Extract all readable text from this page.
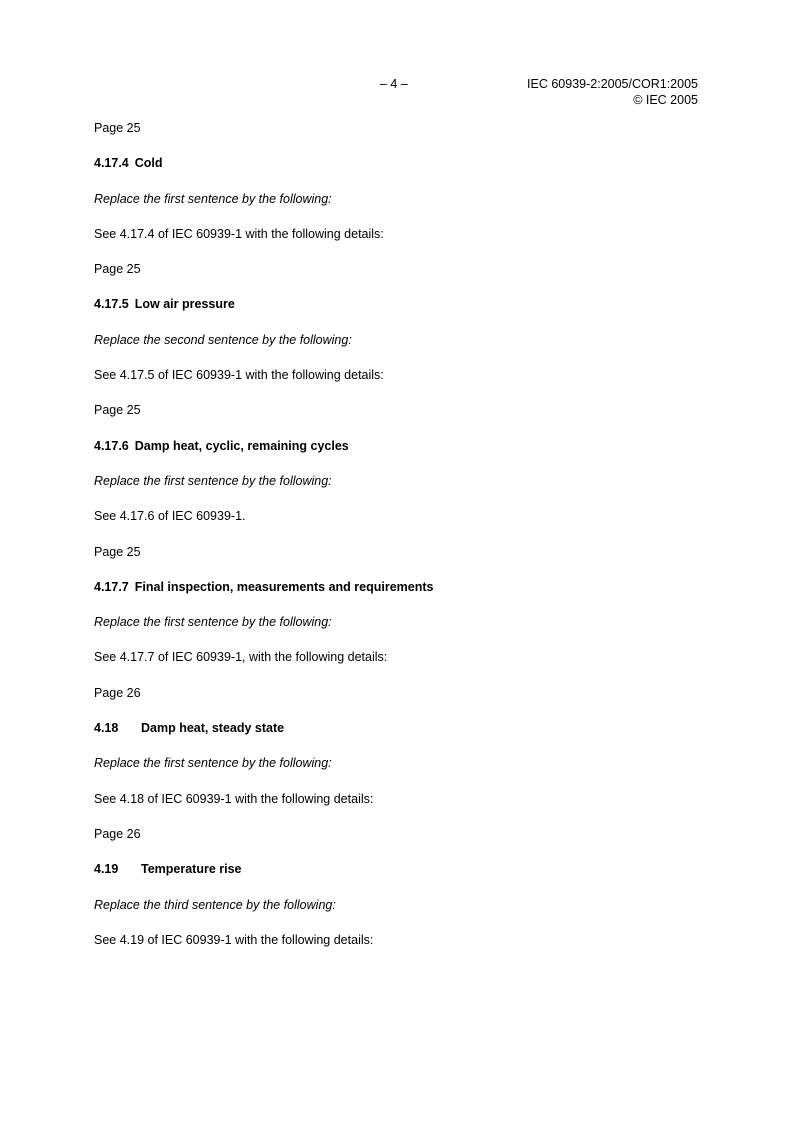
– 4 –	IEC 60939-2:2005/COR1:2005
© IEC 2005
Page 25
4.17.4 Cold
Replace the first sentence by the following:
See 4.17.4 of IEC 60939-1 with the following details:
Page 25
4.17.5 Low air pressure
Replace the second sentence by the following:
See 4.17.5 of IEC 60939-1 with the following details:
Page 25
4.17.6 Damp heat, cyclic, remaining cycles
Replace the first sentence by the following:
See 4.17.6 of IEC 60939-1.
Page 25
4.17.7 Final inspection, measurements and requirements
Replace the first sentence by the following:
See 4.17.7 of IEC 60939-1, with the following details:
Page 26
4.18 Damp heat, steady state
Replace the first sentence by the following:
See 4.18 of IEC 60939-1 with the following details:
Page 26
4.19 Temperature rise
Replace the third sentence by the following:
See 4.19 of IEC 60939-1 with the following details:
